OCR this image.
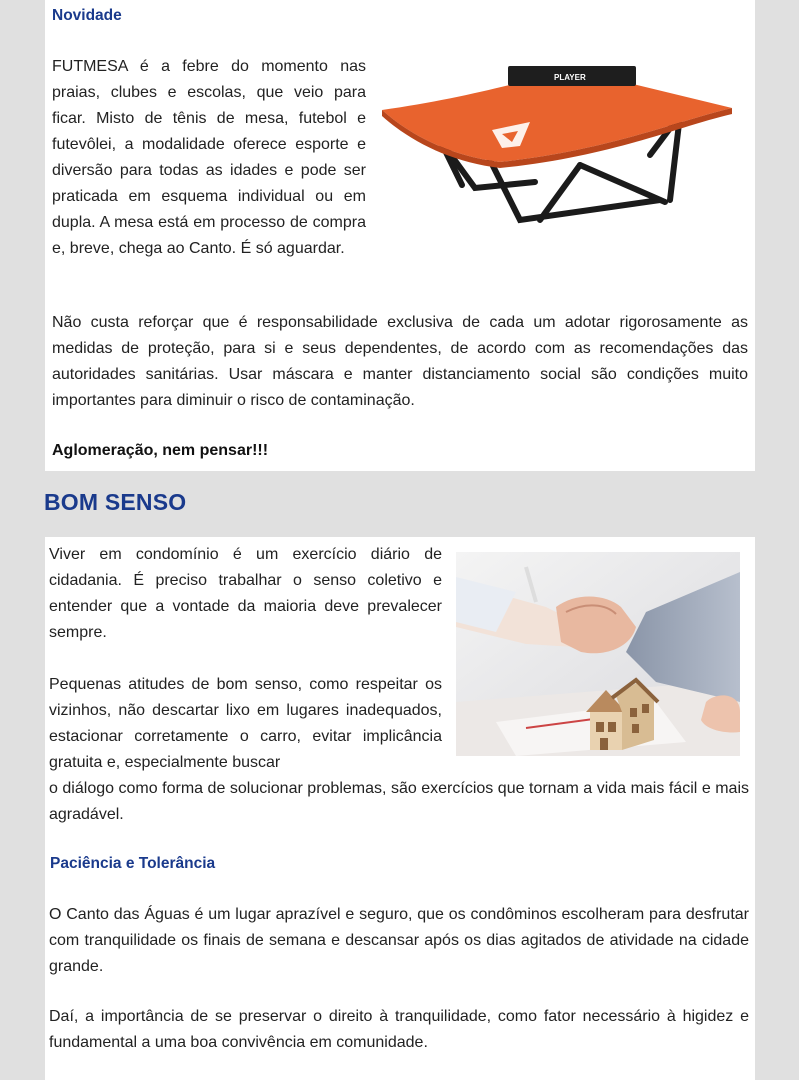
Novidade
FUTMESA é a febre do momento nas praias, clubes e escolas, que veio para ficar. Misto de tênis de mesa, futebol e futevôlei, a modalidade oferece esporte e diversão para todas as idades e pode ser praticada em esquema individual ou em dupla. A mesa está em processo de compra e, breve, chega ao Canto. É só aguardar.
PLAYER
Não custa reforçar que é responsabilidade exclusiva de cada um adotar rigorosamente as medidas de proteção, para si e seus dependentes, de acordo com as recomendações das autoridades sanitárias. Usar máscara e manter distanciamento social são condições muito importantes para diminuir o risco de contaminação.
Aglomeração, nem pensar!!!
BOM SENSO
Viver em condomínio é um exercício diário de cidadania. É preciso trabalhar o senso coletivo e entender que a vontade da maioria deve prevalecer sempre.
Pequenas atitudes de bom senso, como respeitar os vizinhos, não descartar lixo em lugares inadequados, estacionar corretamente o carro, evitar implicância gratuita e, especialmente buscar
o diálogo como forma de solucionar problemas, são exercícios que tornam a vida mais fácil e mais agradável.
Paciência e Tolerância
O Canto das Águas é um lugar aprazível e seguro, que os condôminos escolheram para desfrutar com tranquilidade os finais de semana e descansar após os dias agitados de atividade na cidade grande.
Daí, a importância de se preservar o direito à tranquilidade, como fator necessário à higidez e fundamental a uma boa convivência em comunidade.
